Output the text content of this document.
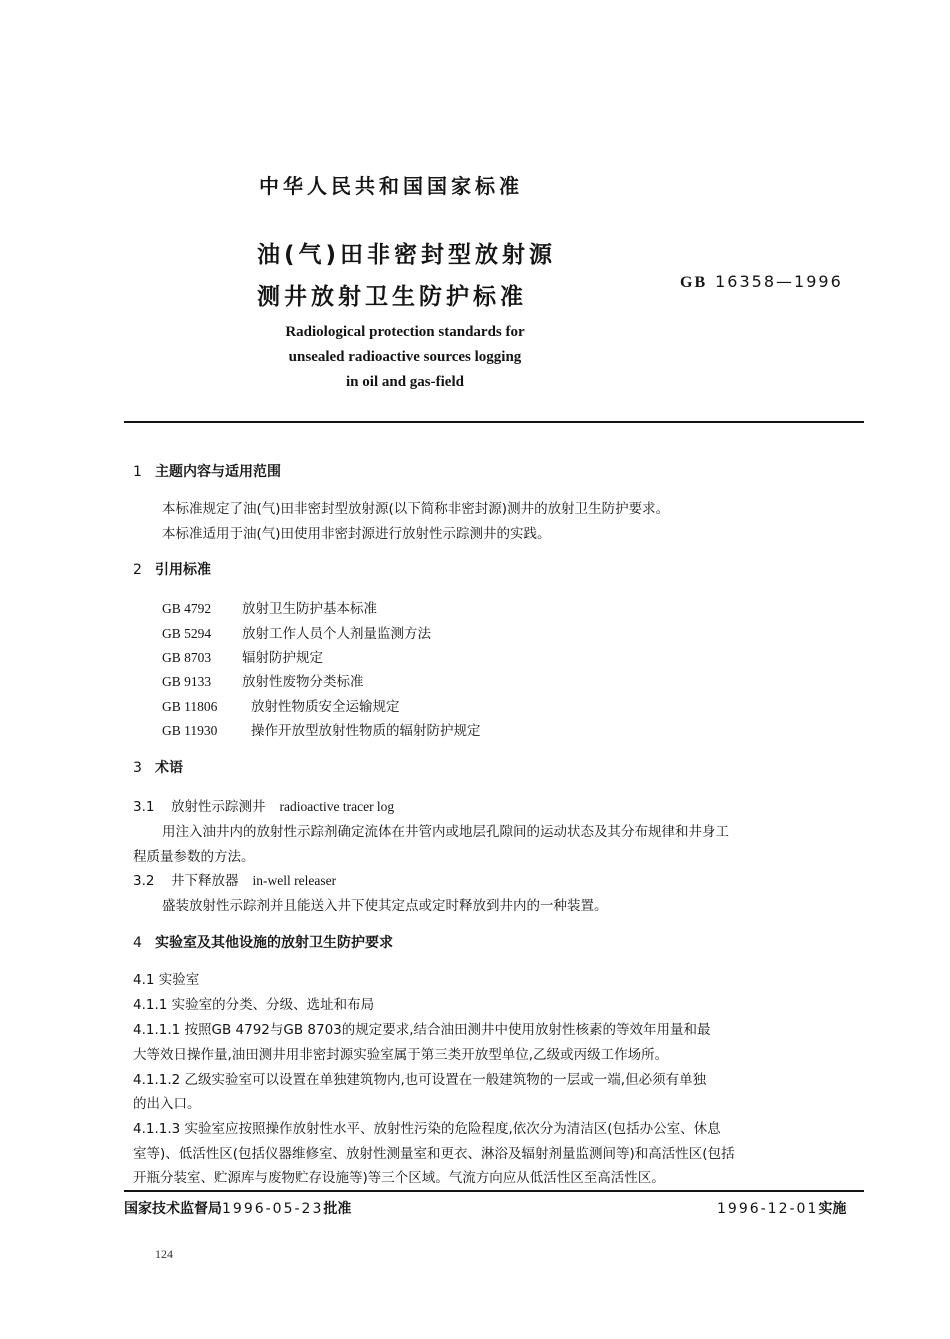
中华人民共和国国家标准
油(气)田非密封型放射源
测井放射卫生防护标准
GB 16358—1996
Radiological protection standards for
unsealed radioactive sources logging
in oil and gas-field
1 主题内容与适用范围
本标准规定了油(气)田非密封型放射源(以下简称非密封源)测井的放射卫生防护要求。
本标准适用于油(气)田使用非密封源进行放射性示踪测井的实践。
2 引用标准
GB 4792 放射卫生防护基本标准
GB 5294 放射工作人员个人剂量监测方法
GB 8703 辐射防护规定
GB 9133 放射性废物分类标准
GB 11806 放射性物质安全运输规定
GB 11930 操作开放型放射性物质的辐射防护规定
3 术语
3.1 放射性示踪测井 radioactive tracer log
用注入油井内的放射性示踪剂确定流体在井管内或地层孔隙间的运动状态及其分布规律和井身工
程质量参数的方法。
3.2 井下释放器 in-well releaser
盛装放射性示踪剂并且能送入井下使其定点或定时释放到井内的一种装置。
4 实验室及其他设施的放射卫生防护要求
4.1 实验室
4.1.1 实验室的分类、分级、选址和布局
4.1.1.1 按照GB 4792与GB 8703的规定要求,结合油田测井中使用放射性核素的等效年用量和最
大等效日操作量,油田测井用非密封源实验室属于第三类开放型单位,乙级或丙级工作场所。
4.1.1.2 乙级实验室可以设置在单独建筑物内,也可设置在一般建筑物的一层或一端,但必须有单独
的出入口。
4.1.1.3 实验室应按照操作放射性水平、放射性污染的危险程度,依次分为清洁区(包括办公室、休息
室等)、低活性区(包括仪器维修室、放射性测量室和更衣、淋浴及辐射剂量监测间等)和高活性区(包括
开瓶分装室、贮源库与废物贮存设施等)等三个区域。气流方向应从低活性区至高活性区。
国家技术监督局1996-05-23批准	1996-12-01实施
124
